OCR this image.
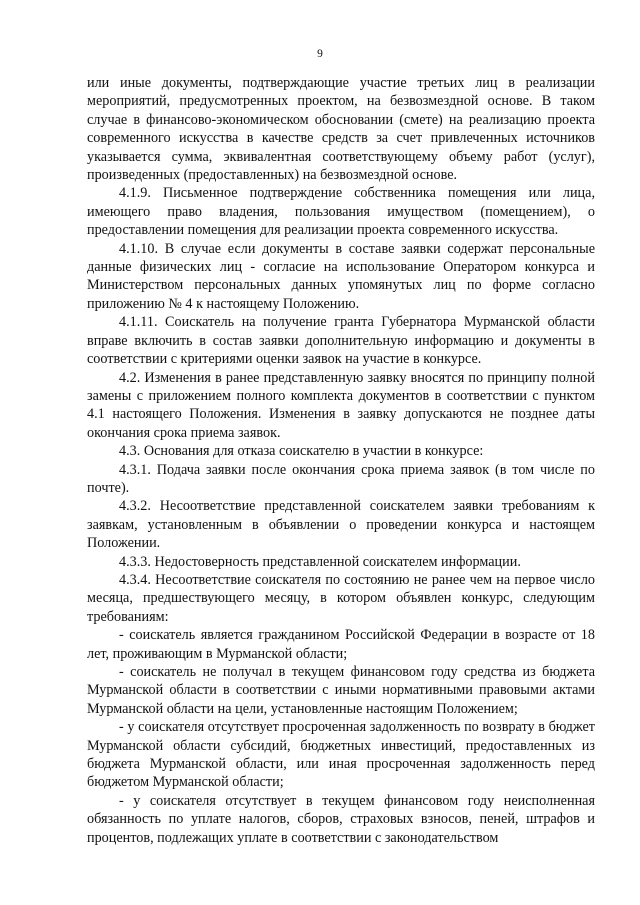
9

или иные документы, подтверждающие участие третьих лиц в реализации мероприятий, предусмотренных проектом, на безвозмездной основе. В таком случае в финансово-экономическом обосновании (смете) на реализацию проекта современного искусства в качестве средств за счет привлеченных источников указывается сумма, эквивалентная соответствующему объему работ (услуг), произведенных (предоставленных) на безвозмездной основе.

4.1.9. Письменное подтверждение собственника помещения или лица, имеющего право владения, пользования имуществом (помещением), о предоставлении помещения для реализации проекта современного искусства.

4.1.10. В случае если документы в составе заявки содержат персональные данные физических лиц - согласие на использование Оператором конкурса и Министерством персональных данных упомянутых лиц по форме согласно приложению № 4 к настоящему Положению.

4.1.11. Соискатель на получение гранта Губернатора Мурманской области вправе включить в состав заявки дополнительную информацию и документы в соответствии с критериями оценки заявок на участие в конкурсе.

4.2. Изменения в ранее представленную заявку вносятся по принципу полной замены с приложением полного комплекта документов в соответствии с пунктом 4.1 настоящего Положения. Изменения в заявку допускаются не позднее даты окончания срока приема заявок.

4.3. Основания для отказа соискателю в участии в конкурсе:

4.3.1. Подача заявки после окончания срока приема заявок (в том числе по почте).

4.3.2. Несоответствие представленной соискателем заявки требованиям к заявкам, установленным в объявлении о проведении конкурса и настоящем Положении.

4.3.3. Недостоверность представленной соискателем информации.

4.3.4. Несоответствие соискателя по состоянию не ранее чем на первое число месяца, предшествующего месяцу, в котором объявлен конкурс, следующим требованиям:

- соискатель является гражданином Российской Федерации в возрасте от 18 лет, проживающим в Мурманской области;

- соискатель не получал в текущем финансовом году средства из бюджета Мурманской области в соответствии с иными нормативными правовыми актами Мурманской области на цели, установленные настоящим Положением;

- у соискателя отсутствует просроченная задолженность по возврату в бюджет Мурманской области субсидий, бюджетных инвестиций, предоставленных из бюджета Мурманской области, или иная просроченная задолженность перед бюджетом Мурманской области;

- у соискателя отсутствует в текущем финансовом году неисполненная обязанность по уплате налогов, сборов, страховых взносов, пеней, штрафов и процентов, подлежащих уплате в соответствии с законодательством
